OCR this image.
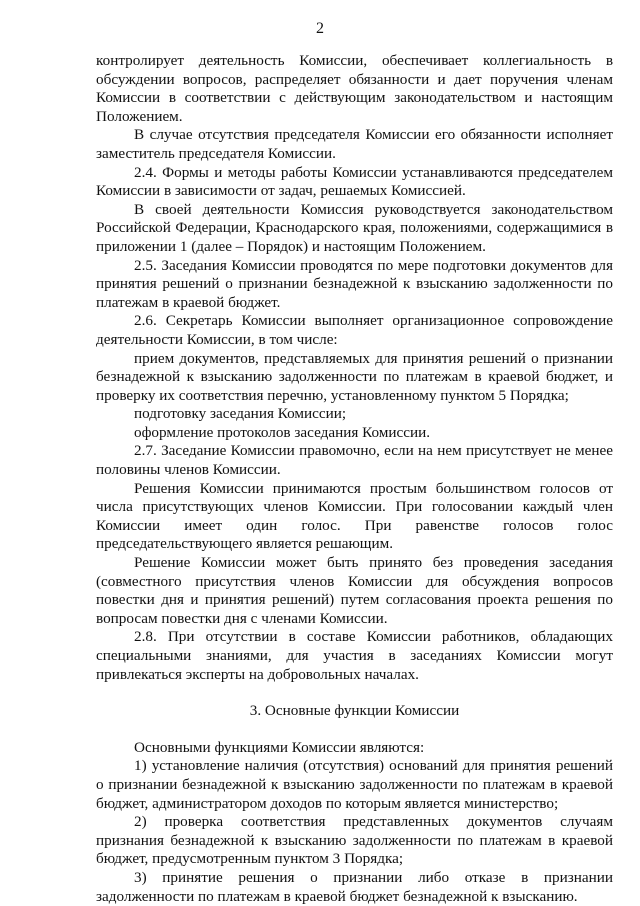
2

контролирует деятельность Комиссии, обеспечивает коллегиальность в обсуждении вопросов, распределяет обязанности и дает поручения членам Комиссии в соответствии с действующим законодательством и настоящим Положением.

В случае отсутствия председателя Комиссии его обязанности исполняет заместитель председателя Комиссии.

2.4. Формы и методы работы Комиссии устанавливаются председателем Комиссии в зависимости от задач, решаемых Комиссией.

В своей деятельности Комиссия руководствуется законодательством Российской Федерации, Краснодарского края, положениями, содержащимися в приложении 1 (далее – Порядок) и настоящим Положением.

2.5. Заседания Комиссии проводятся по мере подготовки документов для принятия решений о признании безнадежной к взысканию задолженности по платежам в краевой бюджет.

2.6. Секретарь Комиссии выполняет организационное сопровождение деятельности Комиссии, в том числе:

прием документов, представляемых для принятия решений о признании безнадежной к взысканию задолженности по платежам в краевой бюджет, и проверку их соответствия перечню, установленному пунктом 5 Порядка;

подготовку заседания Комиссии;

оформление протоколов заседания Комиссии.

2.7. Заседание Комиссии правомочно, если на нем присутствует не менее половины членов Комиссии.

Решения Комиссии принимаются простым большинством голосов от числа присутствующих членов Комиссии. При голосовании каждый член Комиссии имеет один голос. При равенстве голосов голос председательствующего является решающим.

Решение Комиссии может быть принято без проведения заседания (совместного присутствия членов Комиссии для обсуждения вопросов повестки дня и принятия решений) путем согласования проекта решения по вопросам повестки дня с членами Комиссии.

2.8. При отсутствии в составе Комиссии работников, обладающих специальными знаниями, для участия в заседаниях Комиссии могут привлекаться эксперты на добровольных началах.

3. Основные функции Комиссии

Основными функциями Комиссии являются:

1) установление наличия (отсутствия) оснований для принятия решений о признании безнадежной к взысканию задолженности по платежам в краевой бюджет, администратором доходов по которым является министерство;

2) проверка соответствия представленных документов случаям признания безнадежной к взысканию задолженности по платежам в краевой бюджет, предусмотренным пунктом 3 Порядка;

3) принятие решения о признании либо отказе в признании задолженности по платежам в краевой бюджет безнадежной к взысканию.
